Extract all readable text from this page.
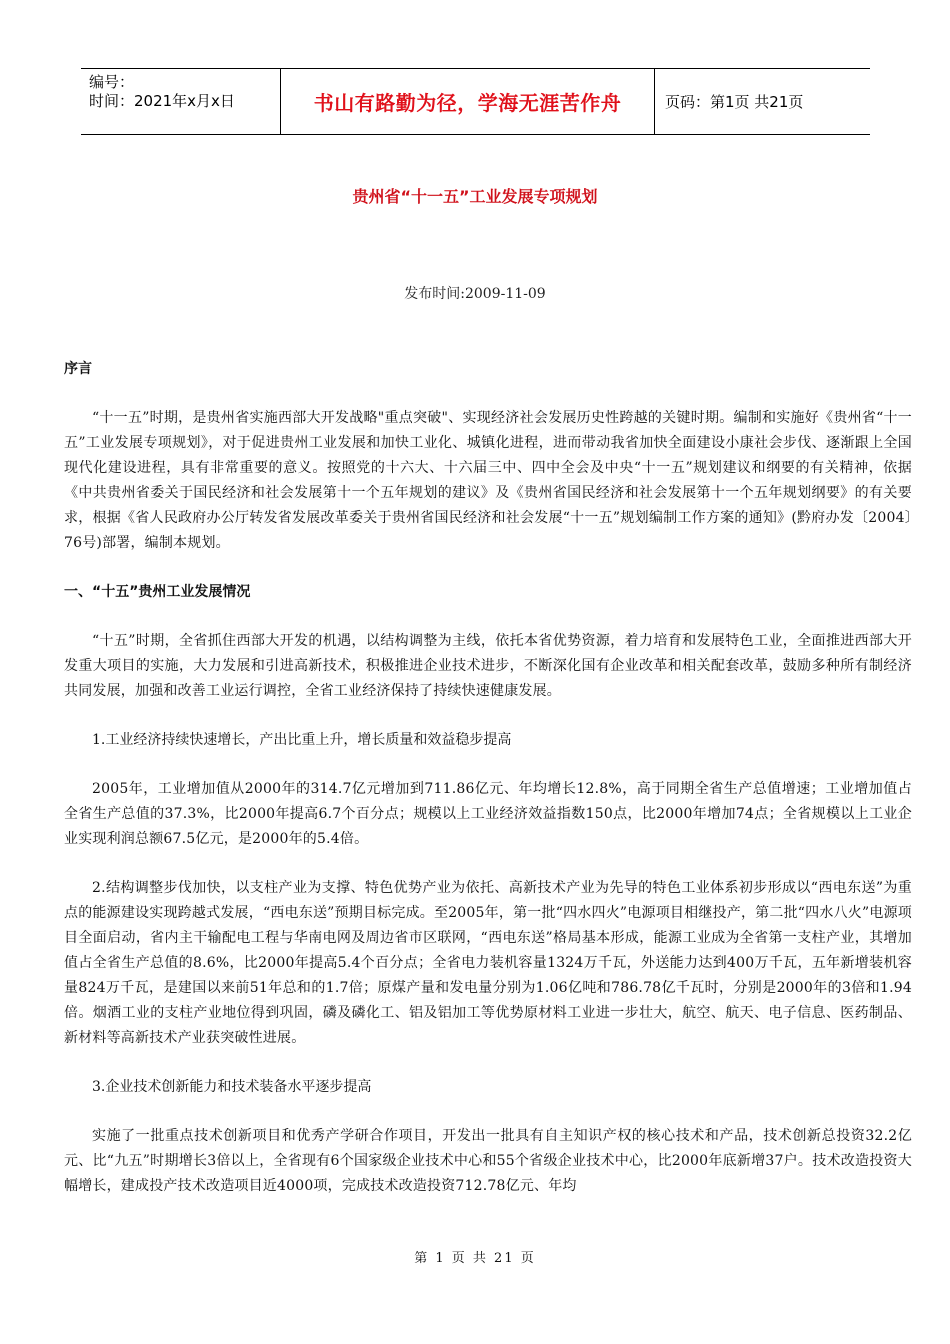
编号：
时间：2021年x月x日	书山有路勤为径，学海无涯苦作舟	页码：第1页 共21页
贵州省“十一五”工业发展专项规划
发布时间:2009-11-09
序言

“十一五”时期，是贵州省实施西部大开发战略"重点突破"、实现经济社会发展历史性跨越的关键时期。编制和实施好《贵州省“十一五”工业发展专项规划》，对于促进贵州工业发展和加快工业化、城镇化进程，进而带动我省加快全面建设小康社会步伐、逐渐跟上全国现代化建设进程，具有非常重要的意义。按照党的十六大、十六届三中、四中全会及中央“十一五”规划建议和纲要的有关精神，依据《中共贵州省委关于国民经济和社会发展第十一个五年规划的建议》及《贵州省国民经济和社会发展第十一个五年规划纲要》的有关要求，根据《省人民政府办公厅转发省发展改革委关于贵州省国民经济和社会发展“十一五”规划编制工作方案的通知》(黔府办发〔2004〕76号)部署，编制本规划。

一、“十五”贵州工业发展情况

“十五”时期，全省抓住西部大开发的机遇，以结构调整为主线，依托本省优势资源，着力培育和发展特色工业，全面推进西部大开发重大项目的实施，大力发展和引进高新技术，积极推进企业技术进步，不断深化国有企业改革和相关配套改革，鼓励多种所有制经济共同发展，加强和改善工业运行调控，全省工业经济保持了持续快速健康发展。

1.工业经济持续快速增长，产出比重上升，增长质量和效益稳步提高

2005年，工业增加值从2000年的314.7亿元增加到711.86亿元、年均增长12.8%，高于同期全省生产总值增速；工业增加值占全省生产总值的37.3%，比2000年提高6.7个百分点；规模以上工业经济效益指数150点，比2000年增加74点；全省规模以上工业企业实现利润总额67.5亿元，是2000年的5.4倍。

2.结构调整步伐加快，以支柱产业为支撑、特色优势产业为依托、高新技术产业为先导的特色工业体系初步形成以“西电东送”为重点的能源建设实现跨越式发展，“西电东送”预期目标完成。至2005年，第一批“四水四火”电源项目相继投产，第二批“四水八火”电源项目全面启动，省内主干输配电工程与华南电网及周边省市区联网，“西电东送”格局基本形成，能源工业成为全省第一支柱产业，其增加值占全省生产总值的8.6%，比2000年提高5.4个百分点；全省电力装机容量1324万千瓦，外送能力达到400万千瓦，五年新增装机容量824万千瓦，是建国以来前51年总和的1.7倍；原煤产量和发电量分别为1.06亿吨和786.78亿千瓦时，分别是2000年的3倍和1.94倍。烟酒工业的支柱产业地位得到巩固，磷及磷化工、铝及铝加工等优势原材料工业进一步壮大，航空、航天、电子信息、医药制品、新材料等高新技术产业获突破性进展。

3.企业技术创新能力和技术装备水平逐步提高

实施了一批重点技术创新项目和优秀产学研合作项目，开发出一批具有自主知识产权的核心技术和产品，技术创新总投资32.2亿元、比“九五”时期增长3倍以上，全省现有6个国家级企业技术中心和55个省级企业技术中心，比2000年底新增37户。技术改造投资大幅增长，建成投产技术改造项目近4000项，完成技术改造投资712.78亿元、年均

第 1 页 共 21 页
